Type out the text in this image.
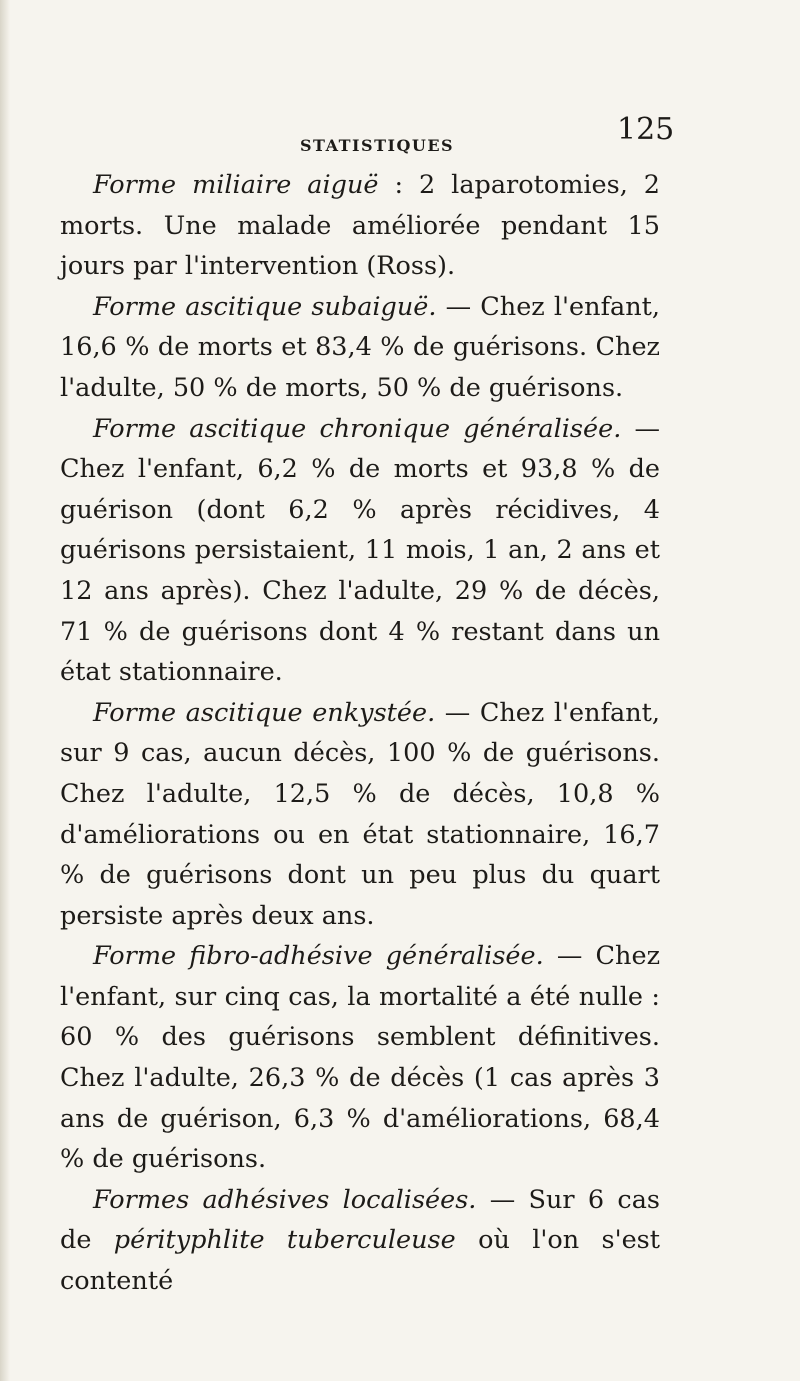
STATISTIQUES	125

Forme miliaire aiguë : 2 laparotomies, 2 morts. Une malade améliorée pendant 15 jours par l'intervention (Ross).

Forme ascitique subaiguë. — Chez l'enfant, 16,6 % de morts et 83,4 % de guérisons. Chez l'adulte, 50 % de morts, 50 % de guérisons.

Forme ascitique chronique généralisée. — Chez l'enfant, 6,2 % de morts et 93,8 % de guérison (dont 6,2 % après récidives, 4 guérisons persistaient, 11 mois, 1 an, 2 ans et 12 ans après). Chez l'adulte, 29 % de décès, 71 % de guérisons dont 4 % restant dans un état stationnaire.

Forme ascitique enkystée. — Chez l'enfant, sur 9 cas, aucun décès, 100 % de guérisons. Chez l'adulte, 12,5 % de décès, 10,8 % d'améliorations ou en état stationnaire, 16,7 % de guérisons dont un peu plus du quart persiste après deux ans.

Forme fibro-adhésive généralisée. — Chez l'enfant, sur cinq cas, la mortalité a été nulle : 60 % des guérisons semblent définitives. Chez l'adulte, 26,3 % de décès (1 cas après 3 ans de guérison, 6,3 % d'améliorations, 68,4 % de guérisons.

Formes adhésives localisées. — Sur 6 cas de pérityphlite tuberculeuse où l'on s'est contenté
